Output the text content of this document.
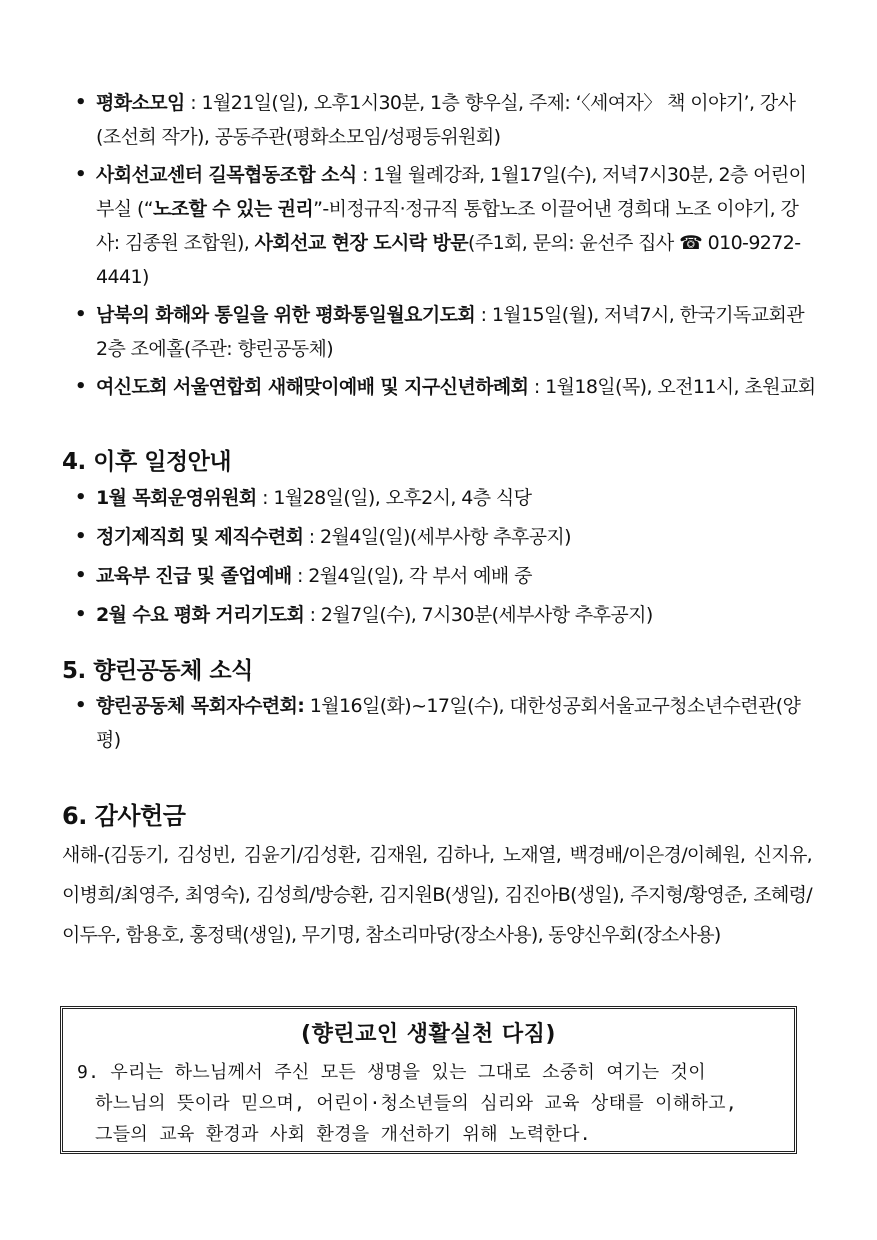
• 평화소모임 : 1월21일(일), 오후1시30분, 1층 향우실, 주제: ‘〈세여자〉 책 이야기’, 강사(조선희 작가), 공동주관(평화소모임/성평등위원회)
• 사회선교센터 길목협동조합 소식 : 1월 월례강좌, 1월17일(수), 저녁7시30분, 2층 어린이부실 (“노조할 수 있는 권리”-비정규직·정규직 통합노조 이끌어낸 경희대 노조 이야기, 강사: 김종원 조합원), 사회선교 현장 도시락 방문(주1회, 문의: 윤선주 집사 ☎ 010-9272-4441)
• 남북의 화해와 통일을 위한 평화통일월요기도회 : 1월15일(월), 저녁7시, 한국기독교회관 2층 조에홀(주관: 향린공동체)
• 여신도회 서울연합회 새해맞이예배 및 지구신년하례회 : 1월18일(목), 오전11시, 초원교회
4. 이후 일정안내
• 1월 목회운영위원회 : 1월28일(일), 오후2시, 4층 식당
• 정기제직회 및 제직수련회 : 2월4일(일)(세부사항 추후공지)
• 교육부 진급 및 졸업예배 : 2월4일(일), 각 부서 예배 중
• 2월 수요 평화 거리기도회 : 2월7일(수), 7시30분(세부사항 추후공지)
5. 향린공동체 소식
• 향린공동체 목회자수련회: 1월16일(화)~17일(수), 대한성공회서울교구청소년수련관(양평)
6. 감사헌금
새해-(김동기, 김성빈, 김윤기/김성환, 김재원, 김하나, 노재열, 백경배/이은경/이혜원, 신지유, 이병희/최영주, 최영숙), 김성희/방승환, 김지원B(생일), 김진아B(생일), 주지형/황영준, 조혜령/이두우, 함용호, 홍정택(생일), 무기명, 참소리마당(장소사용), 동양신우회(장소사용)
(향린교인 생활실천 다짐)
9. 우리는 하느님께서 주신 모든 생명을 있는 그대로 소중히 여기는 것이
하느님의 뜻이라 믿으며, 어린이·청소년들의 심리와 교육 상태를 이해하고,
그들의 교육 환경과 사회 환경을 개선하기 위해 노력한다.
